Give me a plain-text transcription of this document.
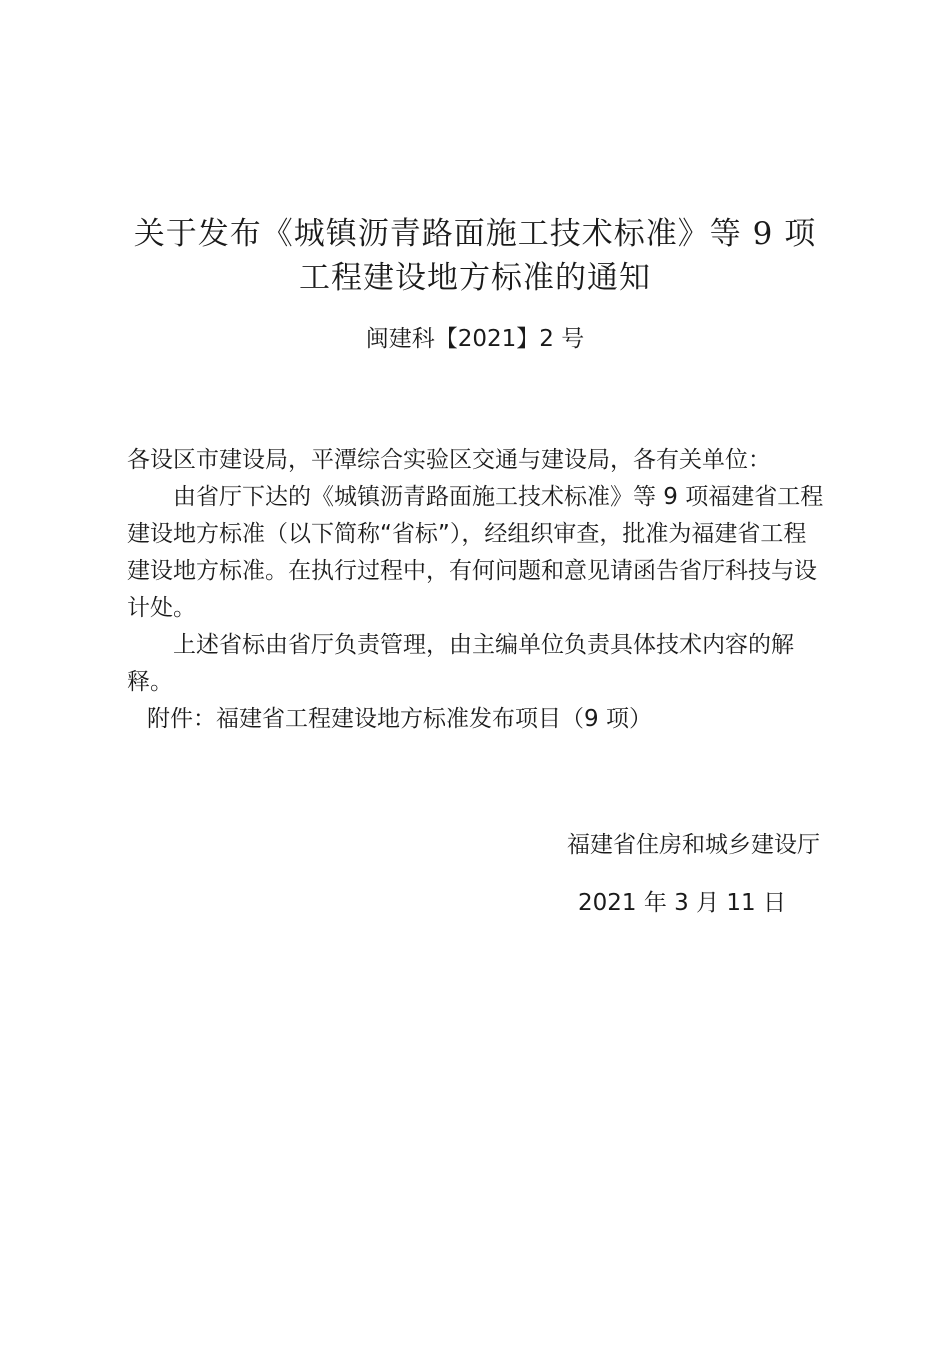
关于发布《城镇沥青路面施工技术标准》等 9 项
工程建设地方标准的通知
闽建科【2021】2 号

各设区市建设局，平潭综合实验区交通与建设局，各有关单位：

由省厅下达的《城镇沥青路面施工技术标准》等 9 项福建省工程建设地方标准（以下简称“省标”），经组织审查，批准为福建省工程建设地方标准。在执行过程中，有何问题和意见请函告省厅科技与设计处。

上述省标由省厅负责管理，由主编单位负责具体技术内容的解释。

附件：福建省工程建设地方标准发布项目（9 项）

福建省住房和城乡建设厅
2021 年 3 月 11 日
